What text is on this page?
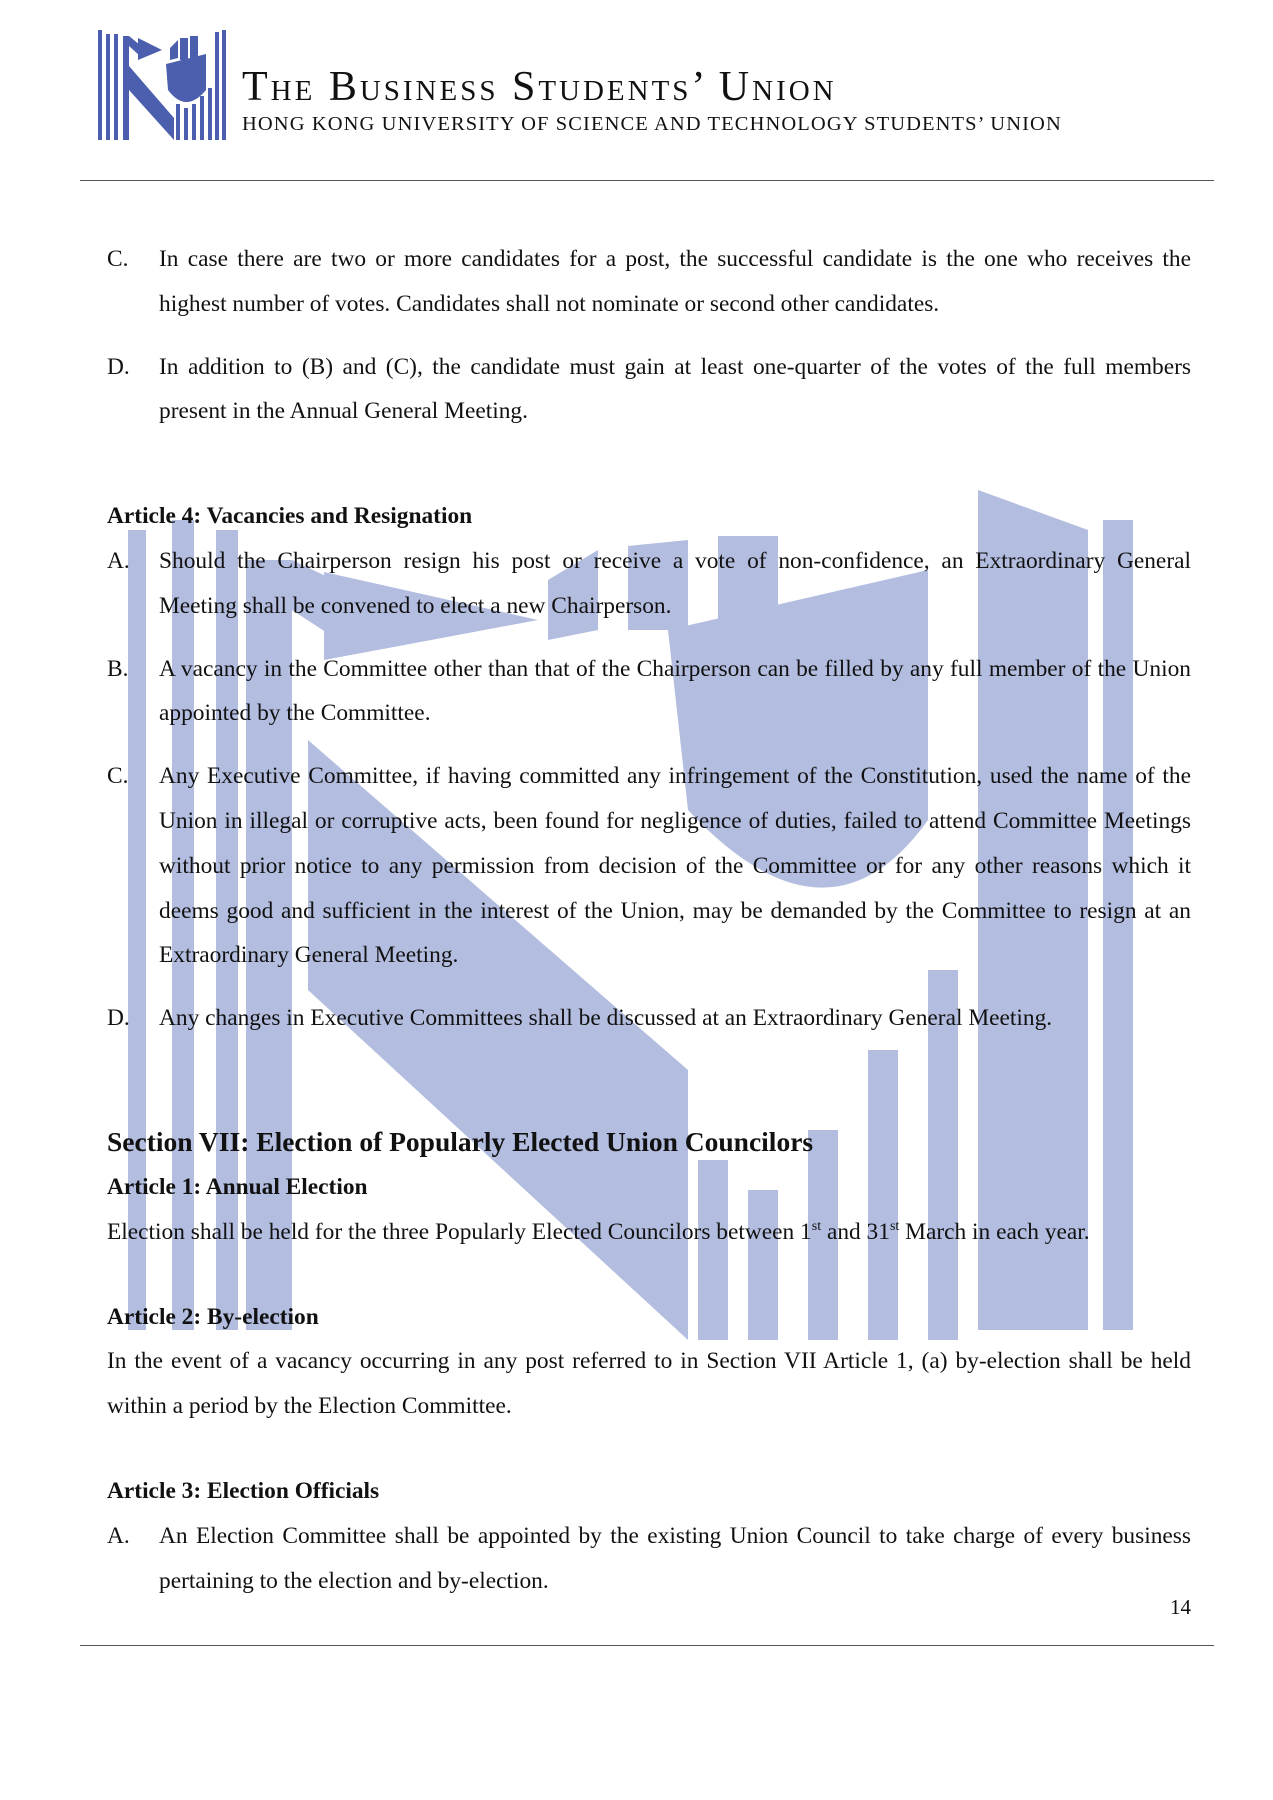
The Business Students’ Union
HONG KONG UNIVERSITY OF SCIENCE AND TECHNOLOGY STUDENTS’ UNION
C.	In case there are two or more candidates for a post, the successful candidate is the one who receives the highest number of votes. Candidates shall not nominate or second other candidates.
D.	In addition to (B) and (C), the candidate must gain at least one-quarter of the votes of the full members present in the Annual General Meeting.
Article 4: Vacancies and Resignation
A.	Should the Chairperson resign his post or receive a vote of non-confidence, an Extraordinary General Meeting shall be convened to elect a new Chairperson.
B.	A vacancy in the Committee other than that of the Chairperson can be filled by any full member of the Union appointed by the Committee.
C.	Any Executive Committee, if having committed any infringement of the Constitution, used the name of the Union in illegal or corruptive acts, been found for negligence of duties, failed to attend Committee Meetings without prior notice to any permission from decision of the Committee or for any other reasons which it deems good and sufficient in the interest of the Union, may be demanded by the Committee to resign at an Extraordinary General Meeting.
D.	Any changes in Executive Committees shall be discussed at an Extraordinary General Meeting.
Section VII: Election of Popularly Elected Union Councilors
Article 1: Annual Election
Election shall be held for the three Popularly Elected Councilors between 1st and 31st March in each year.
Article 2: By-election
In the event of a vacancy occurring in any post referred to in Section VII Article 1, (a) by-election shall be held within a period by the Election Committee.
Article 3: Election Officials
A.	An Election Committee shall be appointed by the existing Union Council to take charge of every business pertaining to the election and by-election.
14
